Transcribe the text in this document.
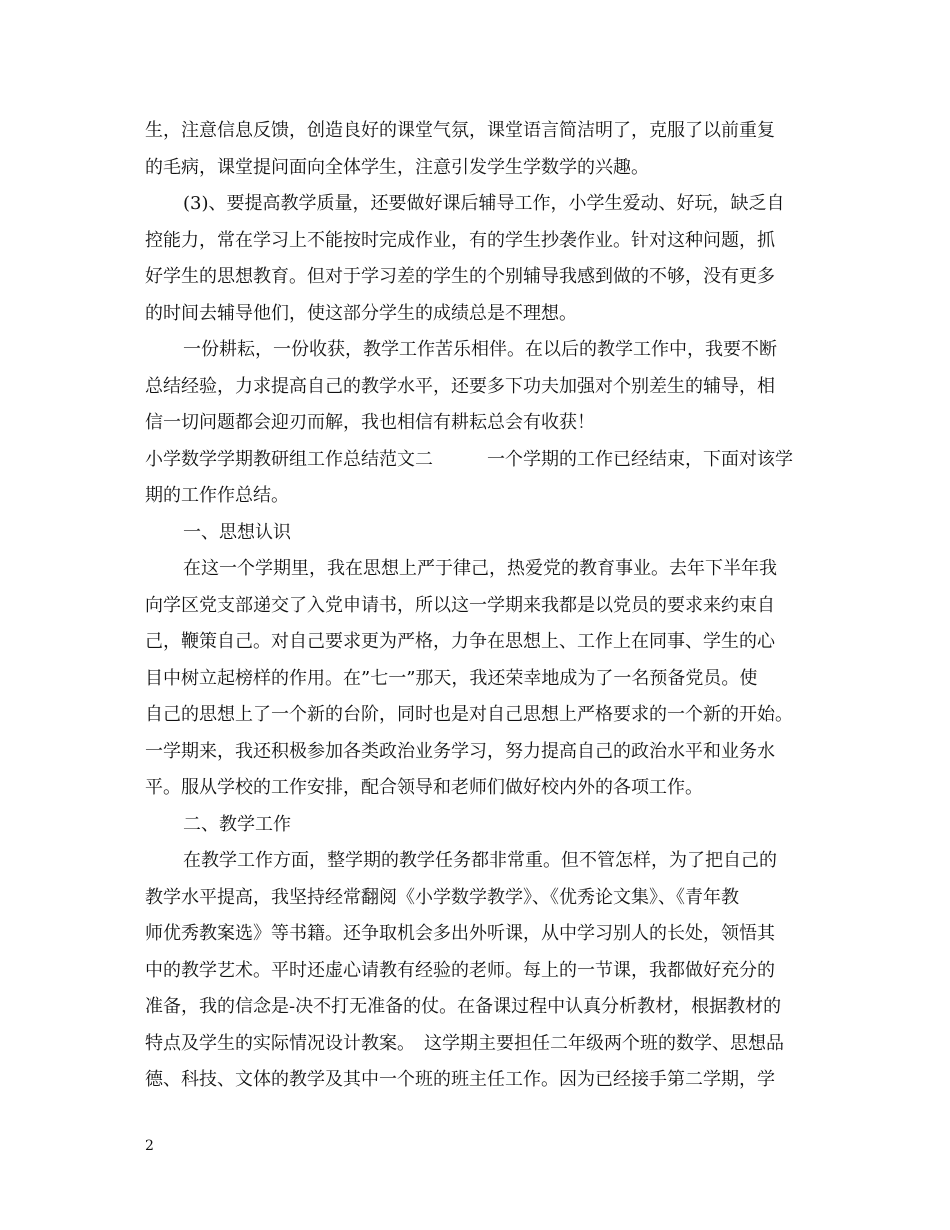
生，注意信息反馈，创造良好的课堂气氛，课堂语言简洁明了，克服了以前重复
的毛病，课堂提问面向全体学生，注意引发学生学数学的兴趣。
(3)、要提高教学质量，还要做好课后辅导工作，小学生爱动、好玩，缺乏自
控能力，常在学习上不能按时完成作业，有的学生抄袭作业。针对这种问题，抓
好学生的思想教育。但对于学习差的学生的个别辅导我感到做的不够，没有更多
的时间去辅导他们，使这部分学生的成绩总是不理想。
一份耕耘，一份收获，教学工作苦乐相伴。在以后的教学工作中，我要不断
总结经验，力求提高自己的教学水平，还要多下功夫加强对个别差生的辅导，相
信一切问题都会迎刃而解，我也相信有耕耘总会有收获！
小学数学学期教研组工作总结范文二　　　一个学期的工作已经结束，下面对该学
期的工作作总结。
一、思想认识
在这一个学期里，我在思想上严于律己，热爱党的教育事业。去年下半年我
向学区党支部递交了入党申请书，所以这一学期来我都是以党员的要求来约束自
己，鞭策自己。对自己要求更为严格，力争在思想上、工作上在同事、学生的心
目中树立起榜样的作用。在”七一”那天，我还荣幸地成为了一名预备党员。使
自己的思想上了一个新的台阶，同时也是对自己思想上严格要求的一个新的开始。
一学期来，我还积极参加各类政治业务学习，努力提高自己的政治水平和业务水
平。服从学校的工作安排，配合领导和老师们做好校内外的各项工作。
二、教学工作
在教学工作方面，整学期的教学任务都非常重。但不管怎样，为了把自己的
教学水平提高，我坚持经常翻阅《小学数学教学》、《优秀论文集》、《青年教
师优秀教案选》等书籍。还争取机会多出外听课，从中学习别人的长处，领悟其
中的教学艺术。平时还虚心请教有经验的老师。每上的一节课，我都做好充分的
准备，我的信念是-决不打无准备的仗。在备课过程中认真分析教材，根据教材的
特点及学生的实际情况设计教案。　这学期主要担任二年级两个班的数学、思想品
德、科技、文体的教学及其中一个班的班主任工作。因为已经接手第二学期，学
2
